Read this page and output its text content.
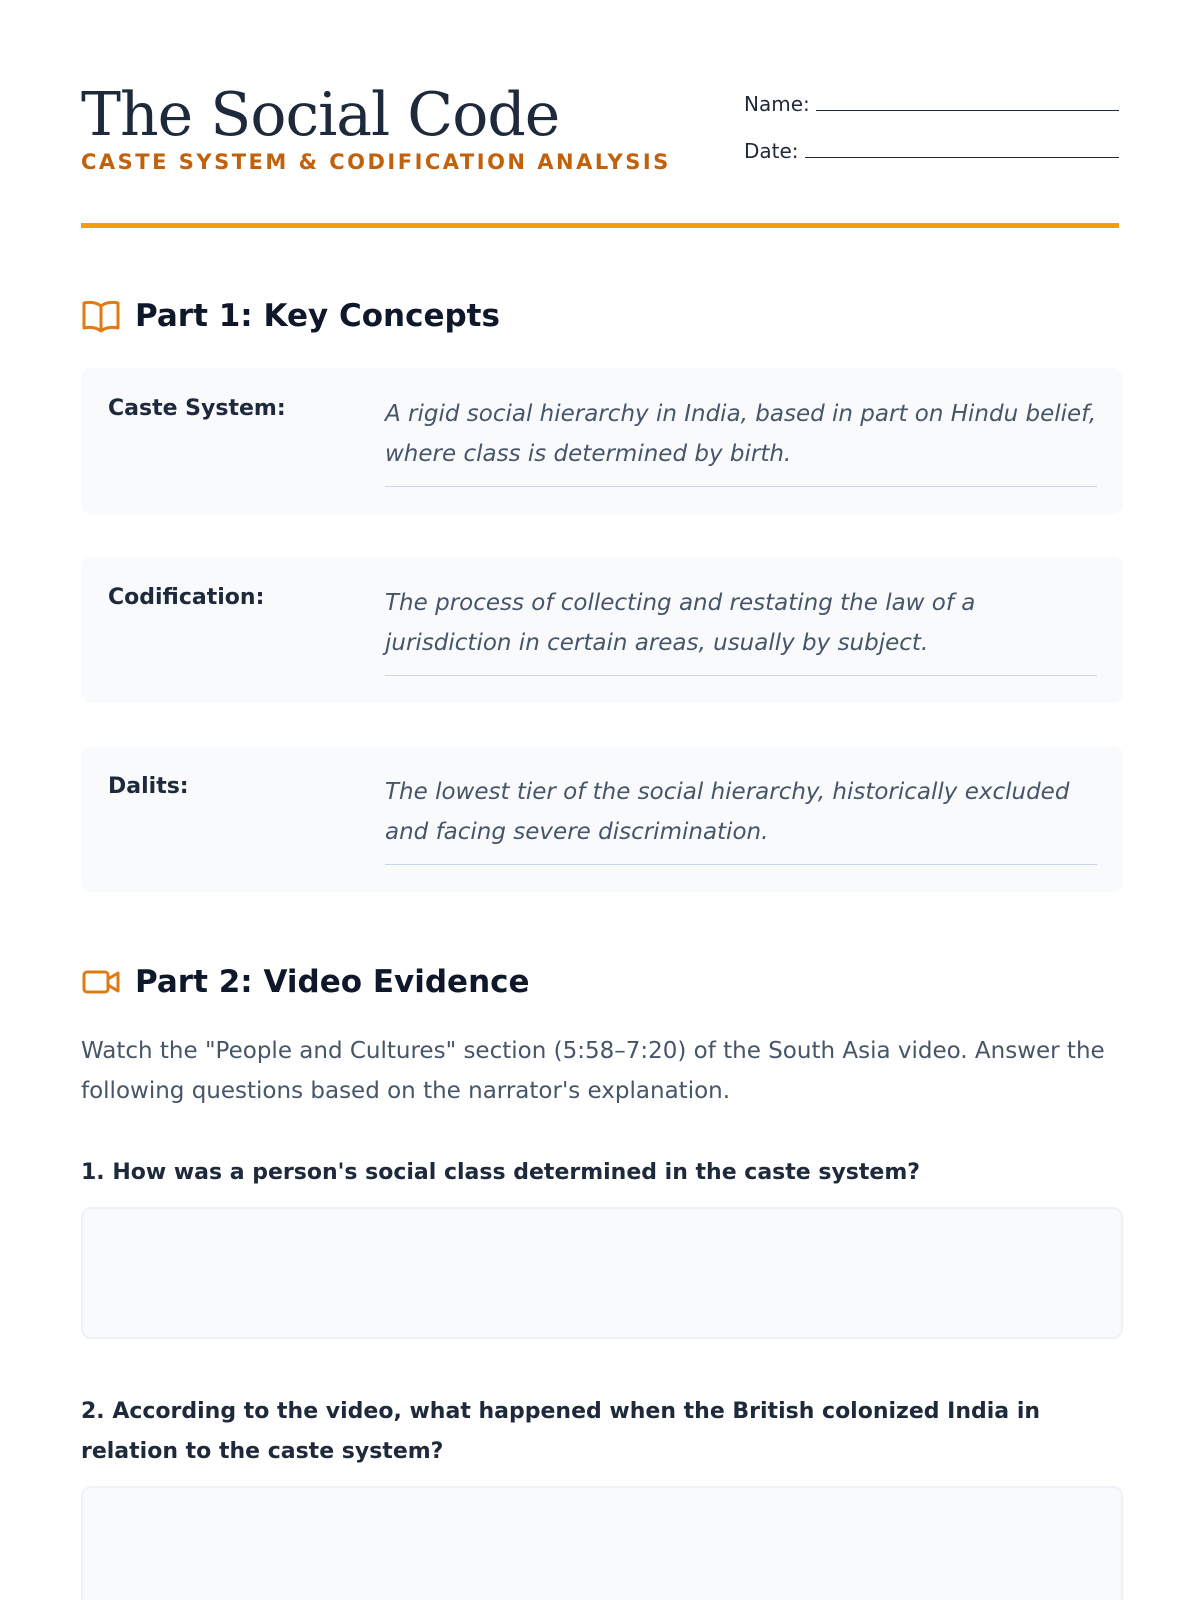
The Social Code
CASTE SYSTEM & CODIFICATION ANALYSIS
Name:
Date:
Part 1: Key Concepts
Caste System:	A rigid social hierarchy in India, based in part on Hindu belief, where class is determined by birth.
Codification:	The process of collecting and restating the law of a jurisdiction in certain areas, usually by subject.
Dalits:	The lowest tier of the social hierarchy, historically excluded and facing severe discrimination.
Part 2: Video Evidence

Watch the "People and Cultures" section (5:58–7:20) of the South Asia video. Answer the following questions based on the narrator's explanation.

1. How was a person's social class determined in the caste system?
2. According to the video, what happened when the British colonized India in relation to the caste system?
